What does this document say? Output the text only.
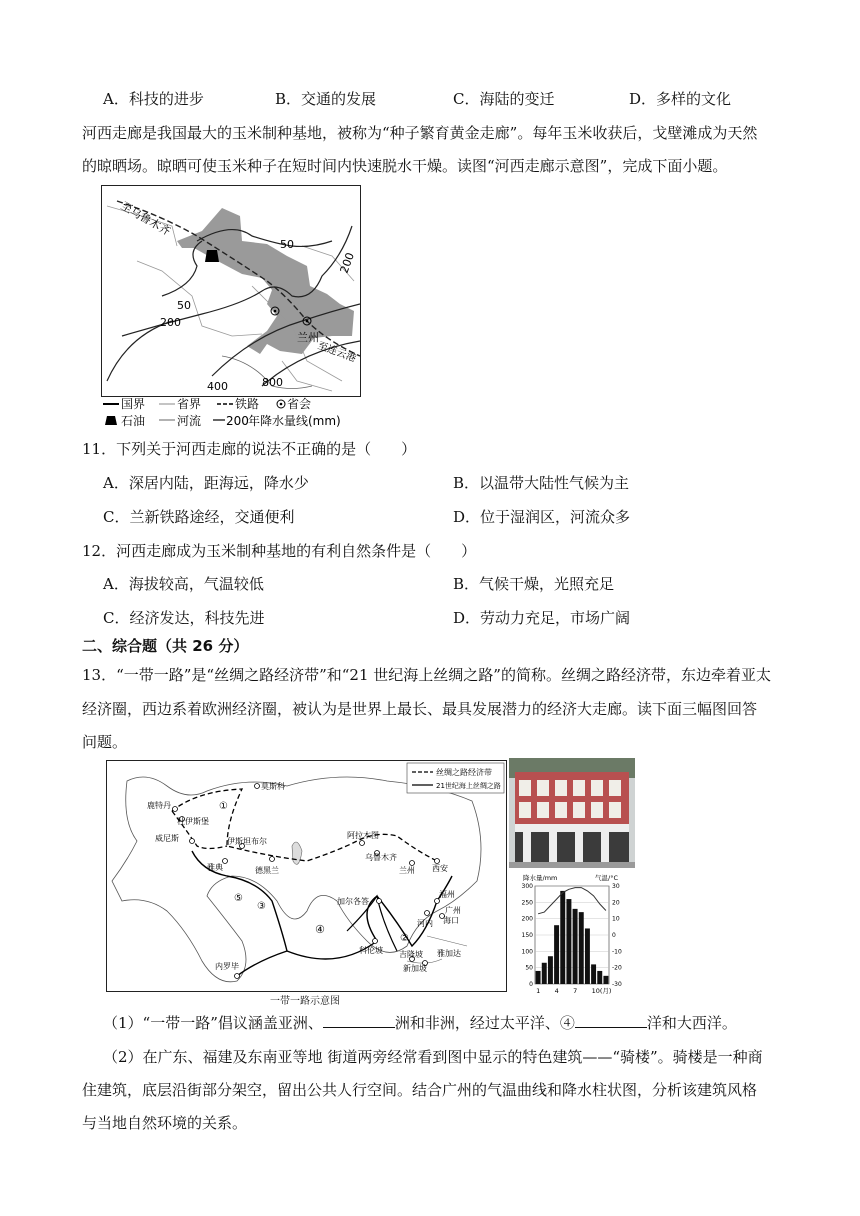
A．科技的进步	B．交通的发展	C．海陆的变迁	D．多样的文化
河西走廊是我国最大的玉米制种基地，被称为“种子繁育黄金走廊”。每年玉米收获后，戈壁滩成为天然
的晾晒场。晾晒可使玉米种子在短时间内快速脱水干燥。读图“河西走廊示意图”，完成下面小题。
至乌鲁木齐
兰州
至连云港
50
50
200
200
400	800
国界	省界	铁路 省会
石油	河流 200 年降水量线(mm)
11．下列关于河西走廊的说法不正确的是（　　）
A．深居内陆，距海远，降水少	B．以温带大陆性气候为主
C．兰新铁路途经，交通便利	D．位于湿润区，河流众多
12．河西走廊成为玉米制种基地的有利自然条件是（　　）
A．海拔较高，气温较低	B．气候干燥，光照充足
C．经济发达，科技先进	D．劳动力充足，市场广阔
二、综合题（共 26 分）
13．“一带一路”是“丝绸之路经济带”和“21 世纪海上丝绸之路”的简称。丝绸之路经济带，东边牵着亚太
经济圈，西边系着欧洲经济圈，被认为是世界上最长、最具发展潜力的经济大走廊。读下面三幅图回答
问题。
丝绸之路经济带
21世纪海上丝绸之路
莫斯科
鹿特丹
杜伊斯堡
威尼斯	伊斯坦布尔
雅典	德黑兰
阿拉木图
乌鲁木齐
兰州 西安
福州
广州
海口
河内
加尔各答
科伦坡 吉隆坡
新加坡
雅加达
内罗毕
①
②
③
④
⑤
一带一路示意图
降水量/mm	气温/°C
300
250
200
150
100
50
0
30
20
10
0
-10
-20
-30
1 4 7 10(月)
（1）“一带一路”倡议涵盖亚洲、	洲和非洲，经过太平洋、④	洋和大西洋。
（2）在广东、福建及东南亚等地 街道两旁经常看到图中显示的特色建筑——“骑楼”。骑楼是一种商
住建筑，底层沿街部分架空，留出公共人行空间。结合广州的气温曲线和降水柱状图，分析该建筑风格
与当地自然环境的关系。
